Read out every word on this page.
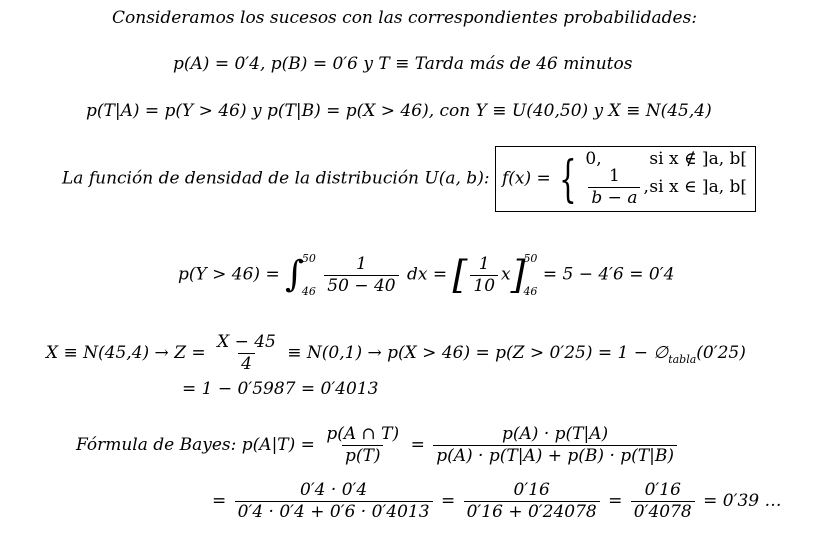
Consideramos los sucesos con las correspondientes probabilidades:
p(A) = 0′4, p(B) = 0′6 y T ≡ Tarda más de 46 minutos
p(T|A) = p(Y > 46) y p(T|B) = p(X > 46), con Y ≡ U(40,50) y X ≡ N(45,4)
La función de densidad de la distribución U(a, b): f(x) = { 0,	si x ∉ ]a, b[
$\frac{1}{b - a}$ , si x ∈ ]a, b[
p(Y > 46) = ∫
50
46
$\frac{1}{50 - 40}$ dx = [ $\frac{1}{10} x$]
50
46
= 5 − 4′6 = 0′4
$X \equiv N(45,4) \to Z = \frac{X - 45}{4} \equiv N(0,1) \to p(X > 46) = p(Z > 0'25) = 1$ − $\emptyset_{tabla}(0'25)$
= 1 − 0′5987 = 0′4013
Fórmula de Bayes: $p(A|T) = \frac{p(A \cap T)}{p(T)} = \frac{p(A) \cdot p(T|A)}{p(A) \cdot p(T|A) + p(B) \cdot p(T|B)}$
= $\frac{0'4 \cdot 0'4}{0'4 \cdot 0'4 + 0'6 \cdot 0'4013} = \frac{0'16}{0'16 + 0'24078} = \frac{0'16}{0'4078} = 0'39$ …
